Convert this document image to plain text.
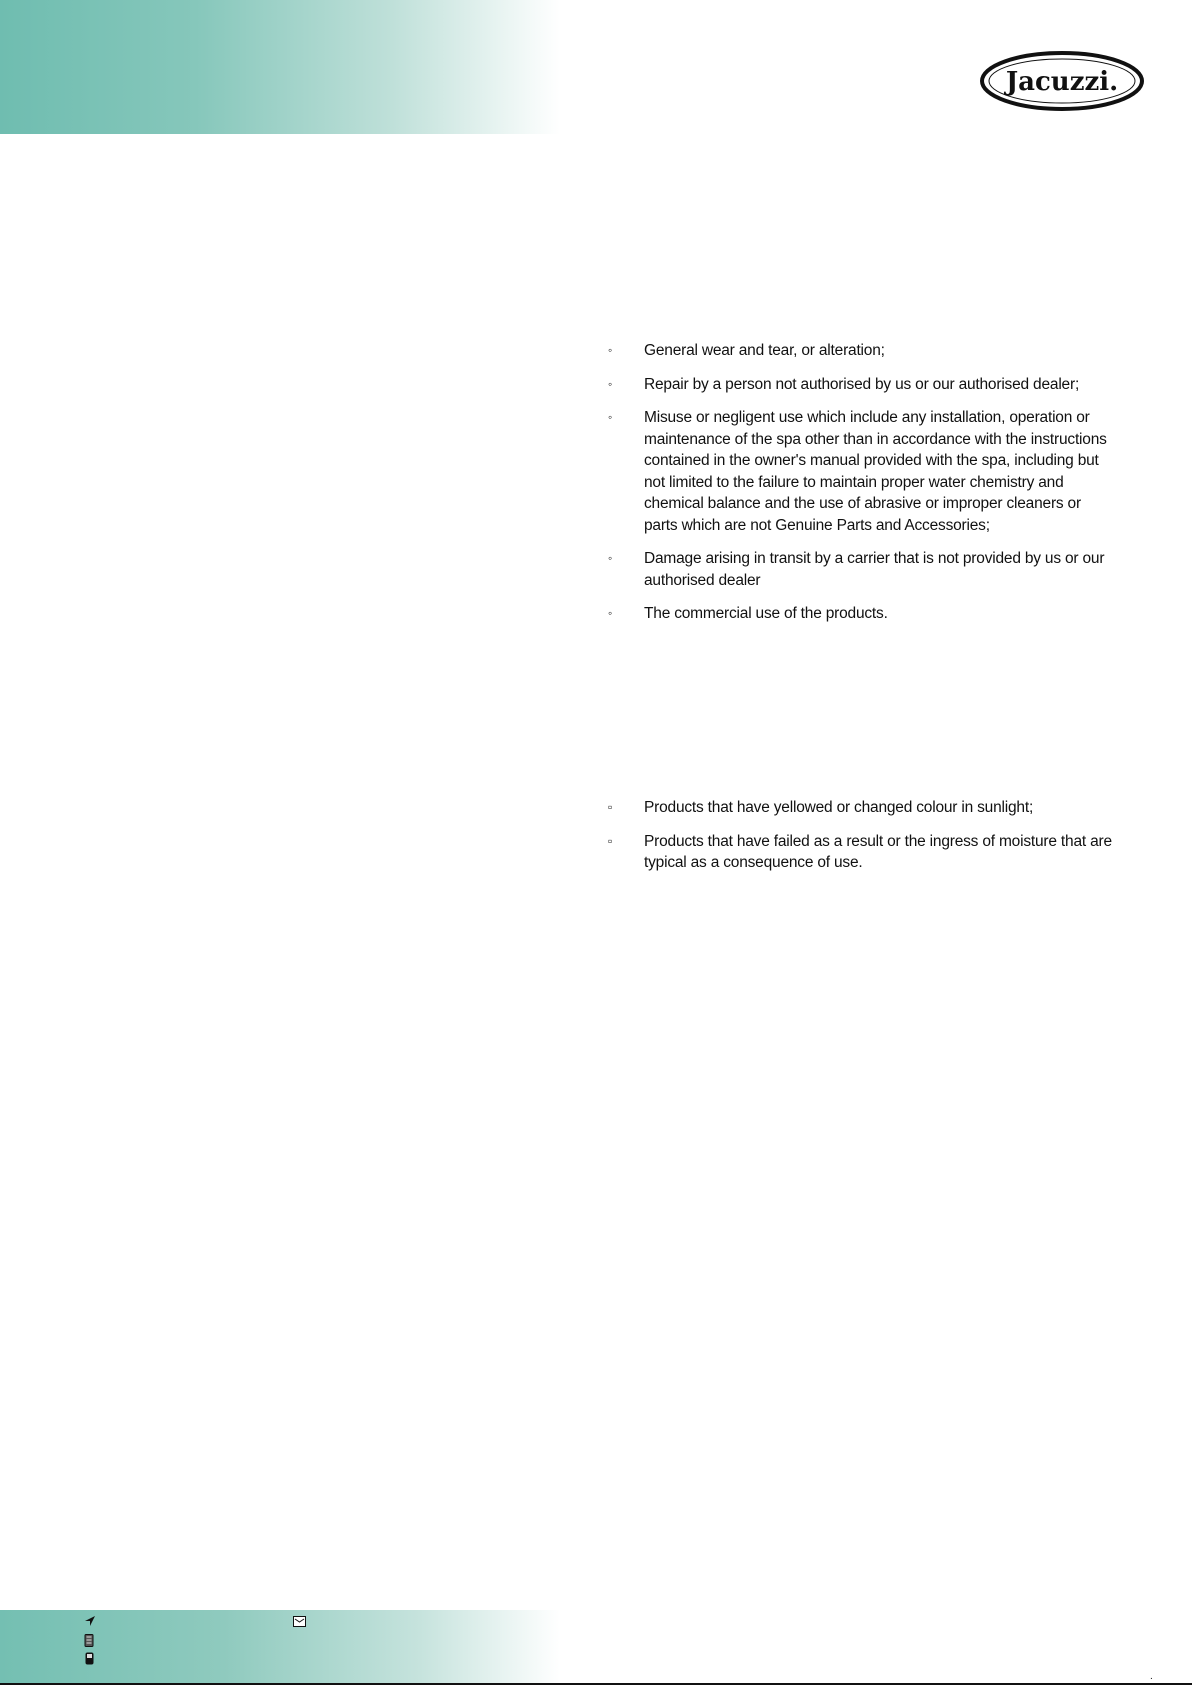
Jacuzzi.
◦ General wear and tear, or alteration;
◦ Repair by a person not authorised by us or our authorised dealer;
◦ Misuse or negligent use which include any installation, operation or maintenance of the spa other than in accordance with the instructions contained in the owner's manual provided with the spa, including but not limited to the failure to maintain proper water chemistry and chemical balance and the use of abrasive or improper cleaners or parts which are not Genuine Parts and Accessories;
◦ Damage arising in transit by a carrier that is not provided by us or our authorised dealer
◦ The commercial use of the products.
▫ Products that have yellowed or changed colour in sunlight;
▫ Products that have failed as a result or the ingress of moisture that are typical as a consequence of use.
.
